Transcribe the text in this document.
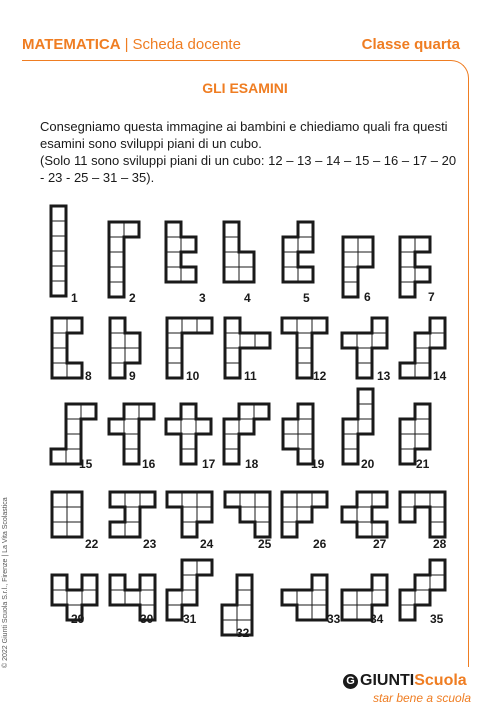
MATEMATICA | Scheda docente	Classe quarta
GLI ESAMINI

Consegniamo questa immagine ai bambini e chiediamo quali fra questi esamini sono sviluppi piani di un cubo.

(Solo 11 sono sviluppi piani di un cubo: 12 – 13 – 14 – 15 – 16 – 17 – 20 - 23 - 25 – 31 – 35).

1	2	3	4	5	6	7
8	9	10	11	12	13	14
15	16	17 18	19	20	21
22	23	24	25	26	27	28
29	30 31
32
33 34	35
© 2022 Giunti Scuola S.r.l., Firenze | La Vita Scolastica
G GIUNTIScuola
star bene a scuola
